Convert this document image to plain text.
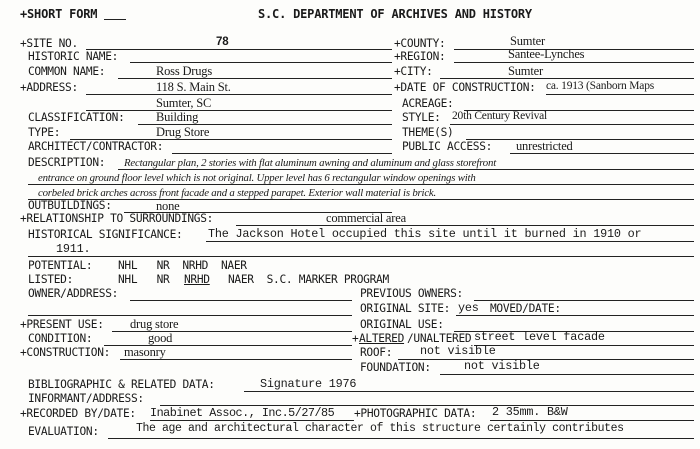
+SHORT FORM	S.C. DEPARTMENT OF ARCHIVES AND HISTORY
+SITE NO.	78	+COUNTY:	Sumter
HISTORIC NAME:	+REGION:	Santee-Lynches
COMMON NAME:	Ross Drugs	+CITY:	Sumter
+ADDRESS:	118 S. Main St.	+DATE OF CONSTRUCTION: ca. 1913 (Sanborn Maps
Sumter, SC	ACREAGE:
CLASSIFICATION:	Building	STYLE: 20th Century Revival
TYPE:	Drug Store	THEME(S)
ARCHITECT/CONTRACTOR:	PUBLIC ACCESS: unrestricted
DESCRIPTION: Rectangular plan, 2 stories with flat aluminum awning and aluminum and glass storefront
entrance on ground floor level which is not original. Upper level has 6 rectangular window openings with
corbeled brick arches across front facade and a stepped parapet. Exterior wall material is brick.
OUTBUILDINGS:	none
+RELATIONSHIP TO SURROUNDINGS:	commercial area
HISTORICAL SIGNIFICANCE: The Jackson Hotel occupied this site until it burned in 1910 or
1911.
POTENTIAL: NHL   NR  NRHD  NAER
LISTED:	NHL   NR NRHD NAER  S.C. MARKER PROGRAM
OWNER/ADDRESS:	PREVIOUS OWNERS:
ORIGINAL SITE: yes MOVED/DATE:
+PRESENT USE: drug store	ORIGINAL USE:
CONDITION:	good	+ ALTERED /UNALTERED street level facade
+CONSTRUCTION: masonry	ROOF: not visible
FOUNDATION:	not visible
BIBLIOGRAPHIC & RELATED DATA:	Signature 1976
INFORMANT/ADDRESS:
+RECORDED BY/DATE: Inabinet Assoc., Inc.5/27/85 +PHOTOGRAPHIC DATA: 2 35mm. B&W
EVALUATION:	The age and architectural character of this structure certainly contributes
